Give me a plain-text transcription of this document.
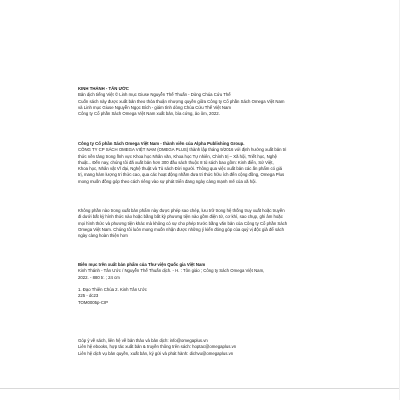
KINH THÁNH - TÂN ƯỚC
Bản dịch tiếng Việt © Linh mục Giuse Nguyễn Thế Thuấn - Dòng Chúa Cứu Thế
Cuốn sách này được xuất bản theo thỏa thuận nhượng quyền giữa Công ty Cổ phần Sách Omega Việt Nam
và Linh mục Giuse Nguyễn Ngọc Bích - giám tỉnh dòng Chúa Cứu Thế Việt Nam
Công ty Cổ phần Sách Omega Việt Nam xuất bản, bìa cứng, ảo ôm, 2022.
Công ty Cổ phần Sách Omega Việt Nam - thành viên của Alpha Publishing Group.
CÔNG TY CP SÁCH OMEGA VIỆT NAM (OMEGA PLUS) thành lập tháng 9/2016 với định hướng xuất bản tri
thức nền tảng trong lĩnh vực Khoa học Nhân văn, Khoa học Tự nhiên, Chính trị – Xã hội, Triết học, Nghệ
thuật... Đến nay, chúng tôi đã xuất bản hơn 300 đầu sách thuộc 8 tủ sách bao gồm: Kinh điển, Sử Việt,
Khoa học, Nhân vật Vĩ đại, Nghệ thuật và Tủ sách Đời người. Thông qua việc xuất bản các ấn phẩm có giá
trị, mang hàm lượng tri thức cao, qua các hoạt động nhằm đưa tri thức hữu ích đến cộng đồng, Omega Plus
mong muốn đồng góp theo cách riêng vào sự phát triển đang ngày càng mạnh mẽ của xã hội.
Không phần nào trong xuất bản phẩm này được phép sao chép, lưu trữ trong hệ thống truy xuất hoặc truyền
đi dưới bất kỳ hình thức nào hoặc bằng bất kỳ phương tiện nào gồm điện tử, cơ khí, sao chụp, ghi âm hoặc
mọi hình thức và phương tiện khác mà không có sự cho phép trước bằng văn bản của Công ty Cổ phần Sách
Omega Việt Nam. Chúng tôi luôn mong muốn nhận được những ý kiến đóng góp của quý vị độc giả để sách
ngày càng hoàn thiện hơn
Biên mục trên xuất bản phẩm của Thư viện Quốc gia Việt Nam
Kinh Thánh - Tân Ước / Nguyễn Thế Thuấn dịch. - H. : Tôn giáo ; Công ty Sách Omega Việt Nam,
2022. - 880 tr. ; 24 cm

1. Đạo Thiên Chúa 2. Kinh Tân Ước
225 - dc23
TOM0005p-CIP
Góp ý về sách, liên hệ về bản thảo và bản dịch: info@omegaplus.vn
Liên hệ ebooks, hợp tác xuất bản & truyền thông trên sách: hoptac@omegaplus.vn
Liên hệ dịch vụ bản quyền, xuất bản, ký gửi và phát hành: dichvu@omegaplus.vn
